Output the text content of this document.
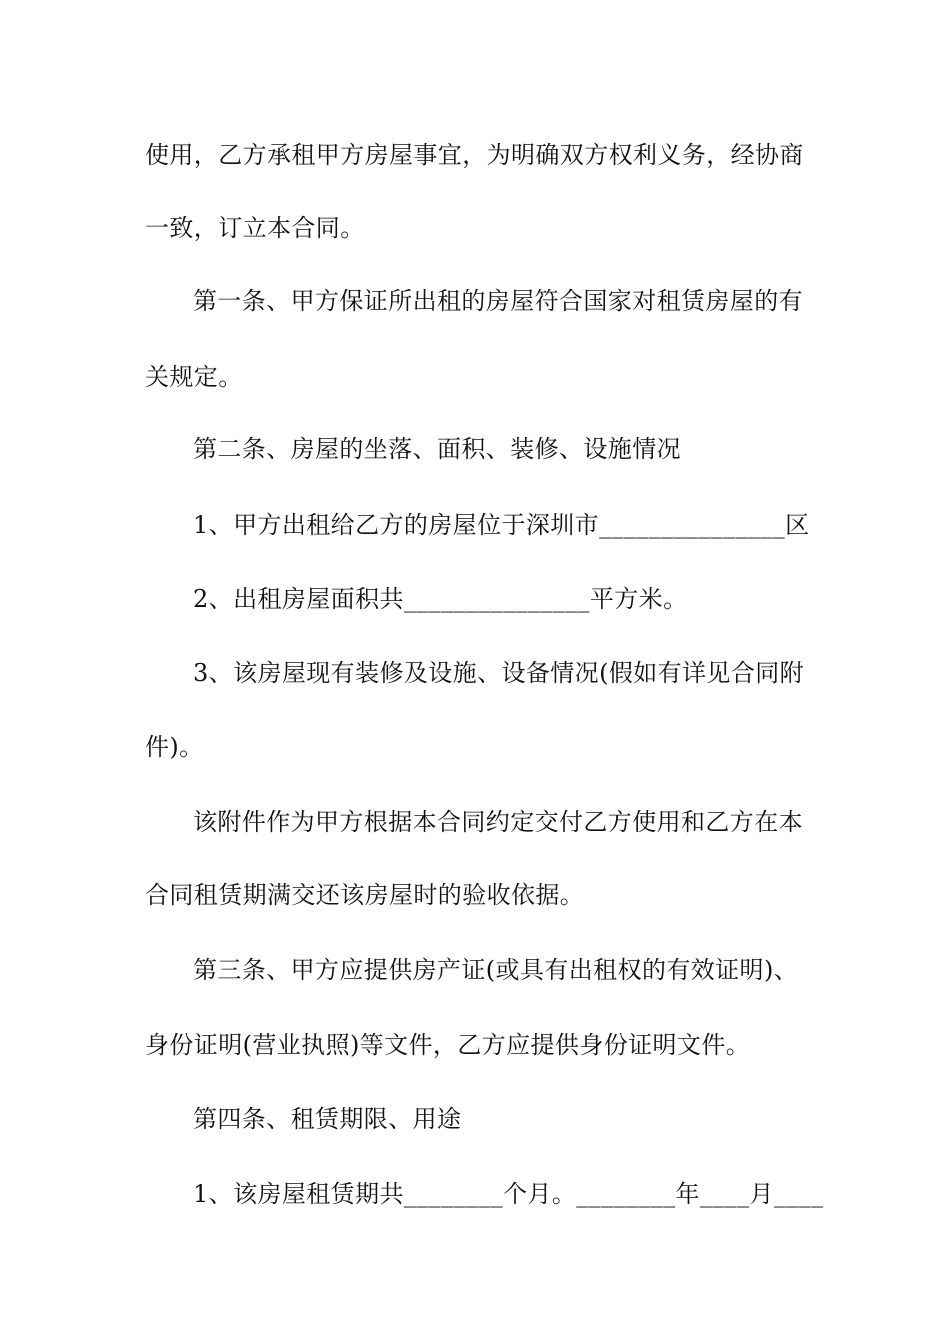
使用，乙方承租甲方房屋事宜，为明确双方权利义务，经协商
一致，订立本合同。
第一条、甲方保证所出租的房屋符合国家对租赁房屋的有
关规定。
第二条、房屋的坐落、面积、装修、设施情况
1、甲方出租给乙方的房屋位于深圳市_______________区
2、出租房屋面积共_______________平方米。
3、该房屋现有装修及设施、设备情况(假如有详见合同附
件)。
该附件作为甲方根据本合同约定交付乙方使用和乙方在本
合同租赁期满交还该房屋时的验收依据。
第三条、甲方应提供房产证(或具有出租权的有效证明)、
身份证明(营业执照)等文件，乙方应提供身份证明文件。
第四条、租赁期限、用途
1、该房屋租赁期共________个月。________年____月____
